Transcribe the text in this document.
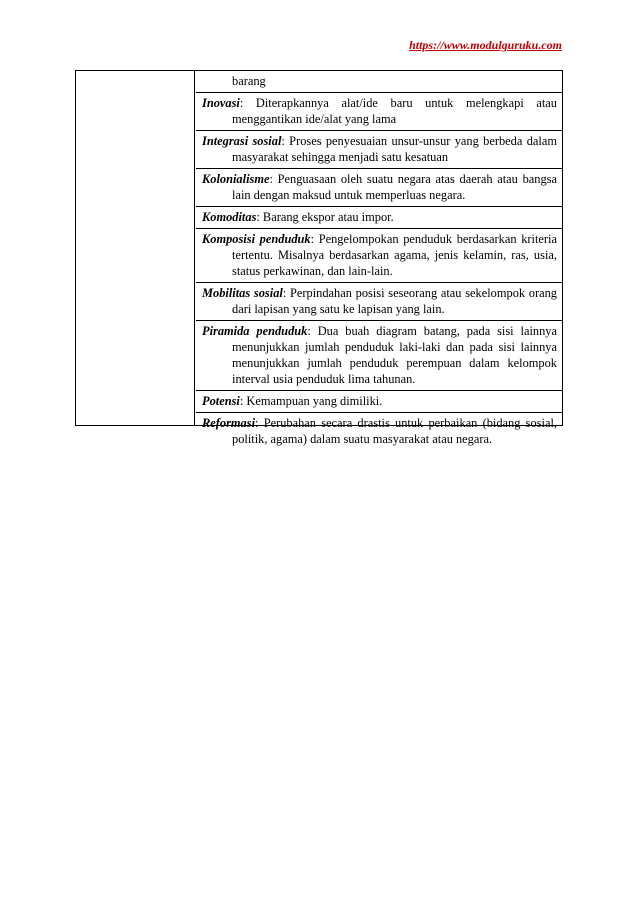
https://www.modulguruku.com
barang
Inovasi: Diterapkannya alat/ide baru untuk melengkapi atau menggantikan ide/alat yang lama
Integrasi sosial: Proses penyesuaian unsur-unsur yang berbeda dalam masyarakat sehingga menjadi satu kesatuan
Kolonialisme: Penguasaan oleh suatu negara atas daerah atau bangsa lain dengan maksud untuk memperluas negara.
Komoditas: Barang ekspor atau impor.
Komposisi penduduk: Pengelompokan penduduk berdasarkan kriteria tertentu. Misalnya berdasarkan agama, jenis kelamin, ras, usia, status perkawinan, dan lain-lain.
Mobilitas sosial: Perpindahan posisi seseorang atau sekelompok orang dari lapisan yang satu ke lapisan yang lain.
Piramida penduduk: Dua buah diagram batang, pada sisi lainnya menunjukkan jumlah penduduk laki-laki dan pada sisi lainnya menunjukkan jumlah penduduk perempuan dalam kelompok interval usia penduduk lima tahunan.
Potensi: Kemampuan yang dimiliki.
Reformasi: Perubahan secara drastis untuk perbaikan (bidang sosial, politik, agama) dalam suatu masyarakat atau negara.
